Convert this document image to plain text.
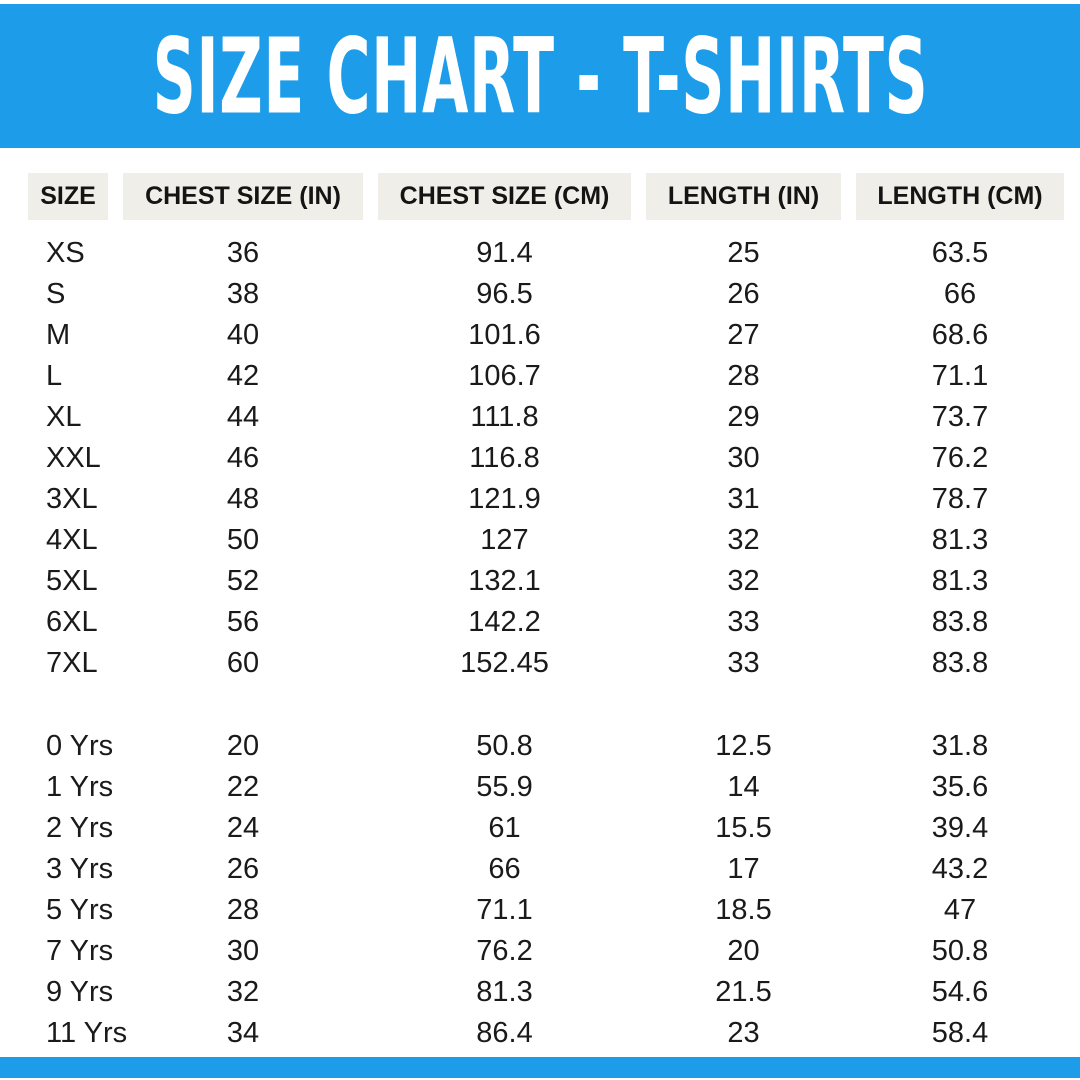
SIZE CHART - T-SHIRTS
SIZE	CHEST SIZE (IN)	CHEST SIZE (CM)	LENGTH (IN)	LENGTH (CM)
XS	36	91.4	25	63.5
S	38	96.5	26	66
M	40	101.6	27	68.6
L	42	106.7	28	71.1
XL	44	111.8	29	73.7
XXL	46	116.8	30	76.2
3XL	48	121.9	31	78.7
4XL	50	127	32	81.3
5XL	52	132.1	32	81.3
6XL	56	142.2	33	83.8
7XL	60	152.45	33	83.8
0 Yrs	20	50.8	12.5	31.8
1 Yrs	22	55.9	14	35.6
2 Yrs	24	61	15.5	39.4
3 Yrs	26	66	17	43.2
5 Yrs	28	71.1	18.5	47
7 Yrs	30	76.2	20	50.8
9 Yrs	32	81.3	21.5	54.6
11 Yrs	34	86.4	23	58.4
